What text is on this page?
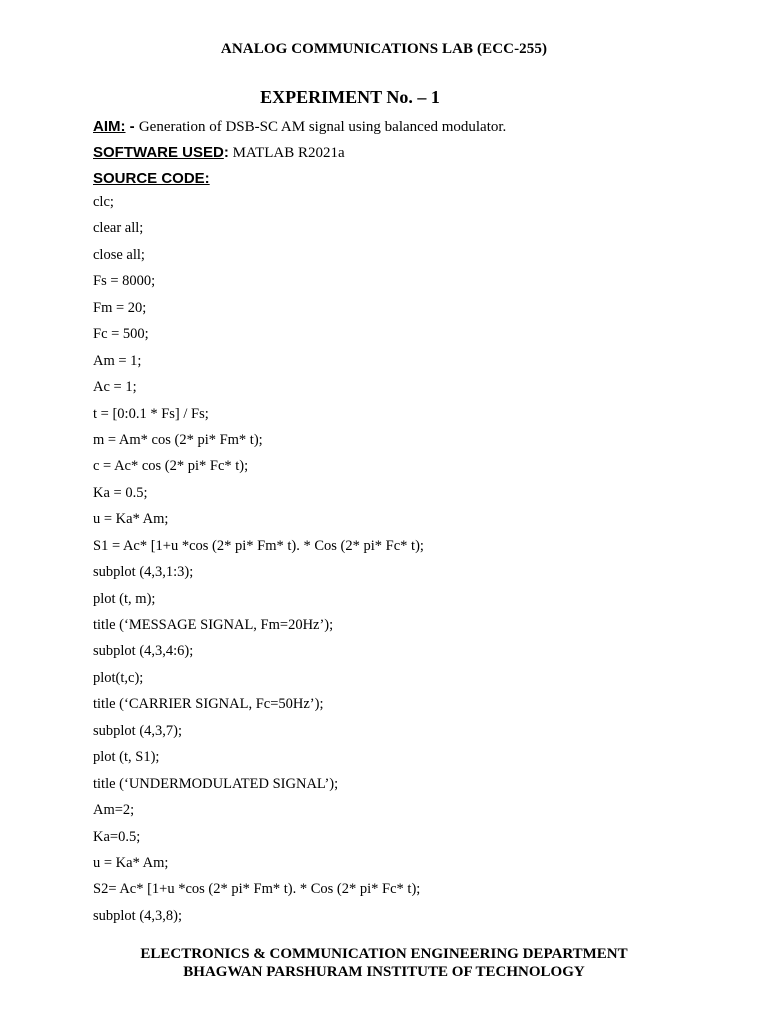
ANALOG COMMUNICATIONS LAB (ECC-255)
EXPERIMENT No. – 1
AIM: - Generation of DSB-SC AM signal using balanced modulator.
SOFTWARE USED: MATLAB R2021a
SOURCE CODE:
clc;
clear all;
close all;
Fs = 8000;
Fm = 20;
Fc = 500;
Am = 1;
Ac = 1;
t = [0:0.1 * Fs] / Fs;
m = Am* cos (2* pi* Fm* t);
c = Ac* cos (2* pi* Fc* t);
Ka = 0.5;
u = Ka* Am;
S1 = Ac* [1+u *cos (2* pi* Fm* t). * Cos (2* pi* Fc* t);
subplot (4,3,1:3);
plot (t, m);
title (‘MESSAGE SIGNAL, Fm=20Hz’);
subplot (4,3,4:6);
plot(t,c);
title (‘CARRIER SIGNAL, Fc=50Hz’);
subplot (4,3,7);
plot (t, S1);
title (‘UNDERMODULATED SIGNAL’);
Am=2;
Ka=0.5;
u = Ka* Am;
S2= Ac* [1+u *cos (2* pi* Fm* t). * Cos (2* pi* Fc* t);
subplot (4,3,8);
ELECTRONICS & COMMUNICATION ENGINEERING DEPARTMENT
BHAGWAN PARSHURAM INSTITUTE OF TECHNOLOGY
